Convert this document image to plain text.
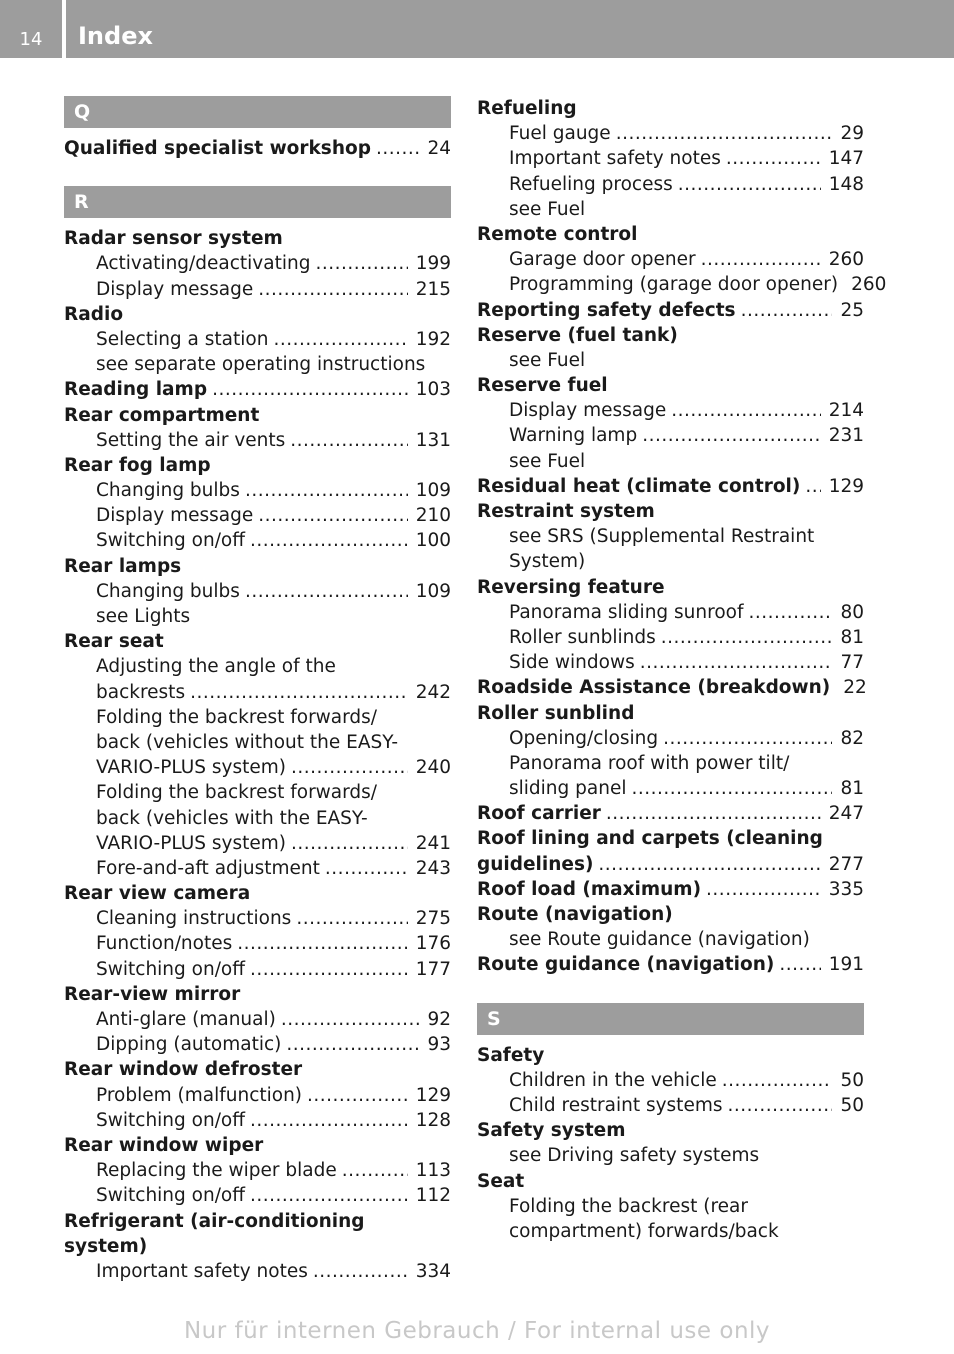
14	Index
Q
Qualified specialist workshop .....	24
R
Radar sensor system
Activating/deactivating .....	199
Display message .....	215
Radio
Selecting a station .....	192
see separate operating instructions
Reading lamp .....	103
Rear compartment
Setting the air vents .....	131
Rear fog lamp
Changing bulbs .....	109
Display message .....	210
Switching on/off .....	100
Rear lamps
Changing bulbs .....	109
see Lights
Rear seat
Adjusting the angle of the
backrests .....	242
Folding the backrest forwards/
back (vehicles without the EASY-
VARIO-PLUS system) .....	240
Folding the backrest forwards/
back (vehicles with the EASY-
VARIO-PLUS system) .....	241
Fore-and-aft adjustment .....	243
Rear view camera
Cleaning instructions .....	275
Function/notes .....	176
Switching on/off .....	177
Rear-view mirror
Anti-glare (manual) .....	92
Dipping (automatic) .....	93
Rear window defroster
Problem (malfunction) .....	129
Switching on/off .....	128
Rear window wiper
Replacing the wiper blade .....	113
Switching on/off .....	112
Refrigerant (air-conditioning
system)
Important safety notes .....	334
Refueling
Fuel gauge .....	29
Important safety notes .....	147
Refueling process .....	148
see Fuel
Remote control
Garage door opener .....	260
Programming (garage door opener) 260
Reporting safety defects .....	25
Reserve (fuel tank)
see Fuel
Reserve fuel
Display message .....	214
Warning lamp .....	231
see Fuel
Residual heat (climate control) ..... 129
Restraint system
see SRS (Supplemental Restraint
System)
Reversing feature
Panorama sliding sunroof .....	80
Roller sunblinds .....	81
Side windows .....	77
Roadside Assistance (breakdown) 22
Roller sunblind
Opening/closing .....	82
Panorama roof with power tilt/
sliding panel .....	81
Roof carrier .....	247
Roof lining and carpets (cleaning
guidelines) .....	277
Roof load (maximum) .....	335
Route (navigation)
see Route guidance (navigation)
Route guidance (navigation) .....	191
S
Safety
Children in the vehicle .....	50
Child restraint systems .....	50
Safety system
see Driving safety systems
Seat
Folding the backrest (rear
compartment) forwards/back
Nur für internen Gebrauch / For internal use only
